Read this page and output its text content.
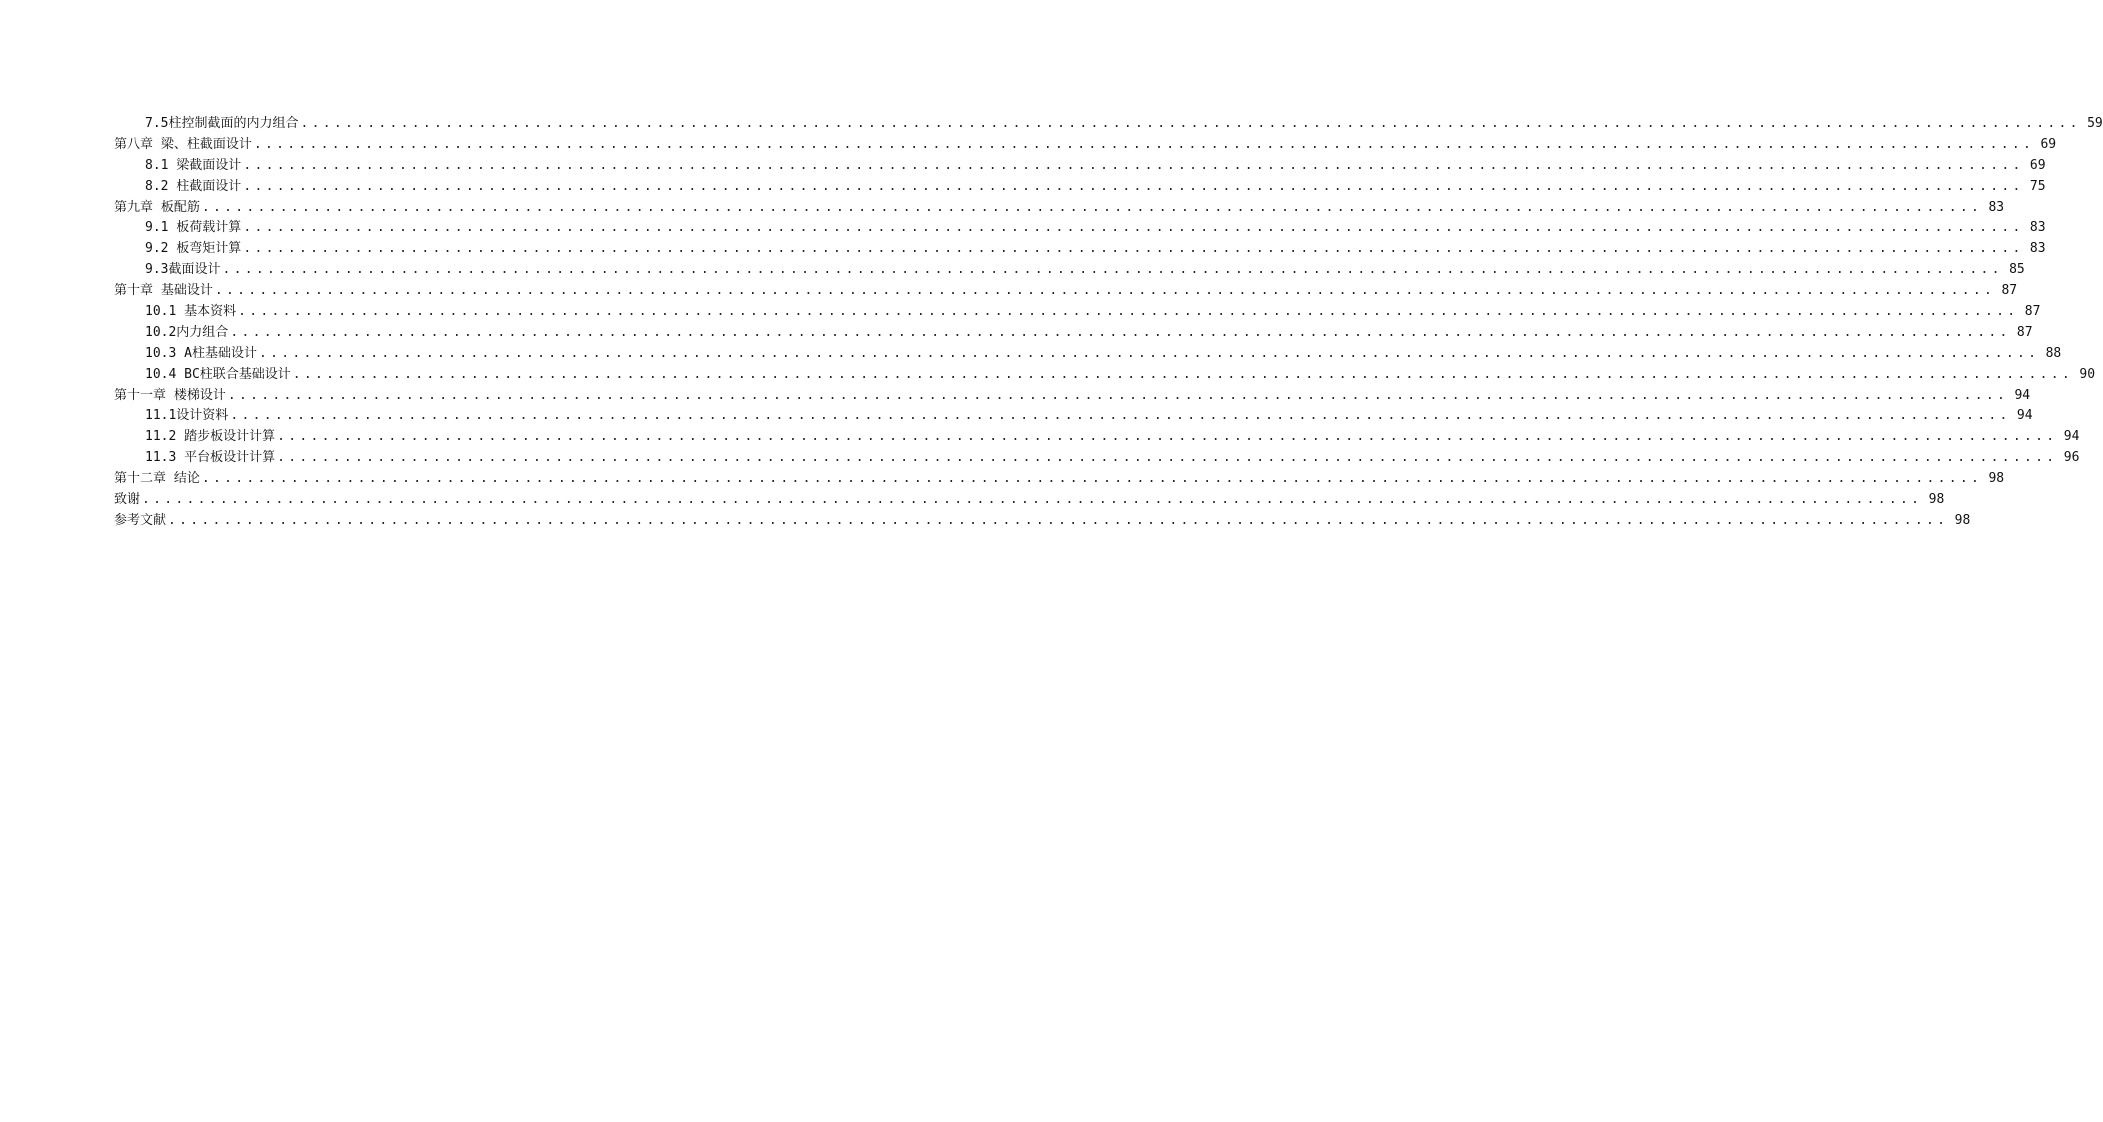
7.5柱控制截面的内力组合 ................................................................................................................................................................ 59
第八章 梁、柱截面设计 ................................................................................................................................................................ 69
8.1 梁截面设计 ................................................................................................................................................................ 69
8.2 柱截面设计 ................................................................................................................................................................ 75
第九章 板配筋 ................................................................................................................................................................ 83
9.1 板荷载计算 ................................................................................................................................................................ 83
9.2 板弯矩计算 ................................................................................................................................................................ 83
9.3截面设计 ................................................................................................................................................................ 85
第十章 基础设计 ................................................................................................................................................................ 87
10.1 基本资料 ................................................................................................................................................................ 87
10.2内力组合 ................................................................................................................................................................ 87
10.3 A柱基础设计 ................................................................................................................................................................ 88
10.4 BC柱联合基础设计 ................................................................................................................................................................ 90
第十一章 楼梯设计 ................................................................................................................................................................ 94
11.1设计资料 ................................................................................................................................................................ 94
11.2 踏步板设计计算 ................................................................................................................................................................ 94
11.3 平台板设计计算 ................................................................................................................................................................ 96
第十二章 结论 ................................................................................................................................................................ 98
致谢 ................................................................................................................................................................ 98
参考文献 ................................................................................................................................................................ 98
